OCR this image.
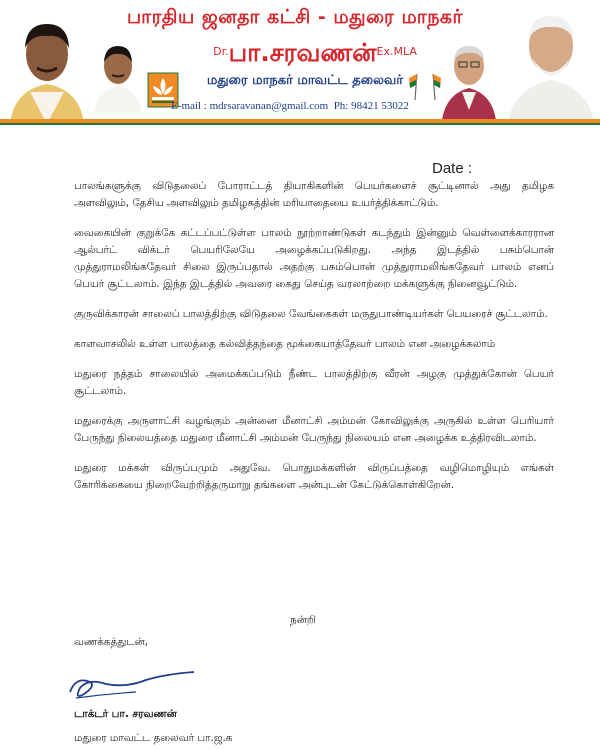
பாரதிய ஜனதா கட்சி - மதுரை மாநகர்
$^{Dr.}$பா.சரவணன்$^{Ex.MLA}$
மதுரை மாநகர் மாவட்ட தலைவர்
E-mail : mdrsaravanan@gmail.com Ph: 98421 53022
Date :

பாலங்களுக்கு விடுதலைப் போராட்டத் தியாகிகளின் பெயர்களைச் சூட்டினால் அது தமிழக அளவிலும், தேசிய அளவிலும் தமிழகத்தின் மரியாதையை உயர்த்திக்காட்டும்.

வைகையின் குறுக்கே கட்டப்பட்டுள்ள பாலம் நூற்றாண்டுகள் கடந்தும் இன்னும் வெள்ளைக்காரரான ஆல்பர்ட் விக்டர் பெயரிலேயே அழைக்கப்படுகிறது. அந்த இடத்தில் பசும்பொன் முத்துராமலிங்கதேவர் சிலை இருப்பதால் அதற்கு பசும்பொன் முத்துராமலிங்கதேவர் பாலம் எனப் பெயர் சூட்டலாம். இந்த இடத்தில் அவரை கைது செய்த வரலாற்றை மக்களுக்கு நினைவூட்டும்.

குருவிக்காரன் சாலைப் பாலத்திற்கு விடுதலை வேங்கைகள் மருதுபாண்டியர்கள் பெயரைச் சூட்டலாம்.

காளவாசலில் உள்ள பாலத்தை கல்வித்தந்தை மூக்கையாத்தேவர் பாலம் என அழைக்கலாம்

மதுரை நத்தம் சாலையில் அமைக்கப்படும் நீண்ட பாலத்திற்கு வீரன் அழகு முத்துக்கோன் பெயர் சூட்டலாம்.

மதுரைக்கு அருளாட்சி வழங்கும் அன்னை மீனாட்சி அம்மன் கோவிலுக்கு அருகில் உள்ள பெரியார் பேருந்து நிலையத்தை மதுரை மீனாட்சி அம்மன் பேருந்து நிலையம் என அழைக்க உத்திரவிடலாம்.

மதுரை மக்கள் விருப்பமும் அதுவே. பொதுமக்களின் விருப்பத்தை வழிமொழியும் எங்கள் கோரிக்கையை நிறைவேற்றித்தருமாறு தங்களை அன்புடன் கேட்டுக்கொள்கிறேன்.

நன்றி
வணக்கத்துடன்,
டாக்டர் பா. சரவணன்
மதுரை மாவட்ட தலைவர் பா.ஜ.க
